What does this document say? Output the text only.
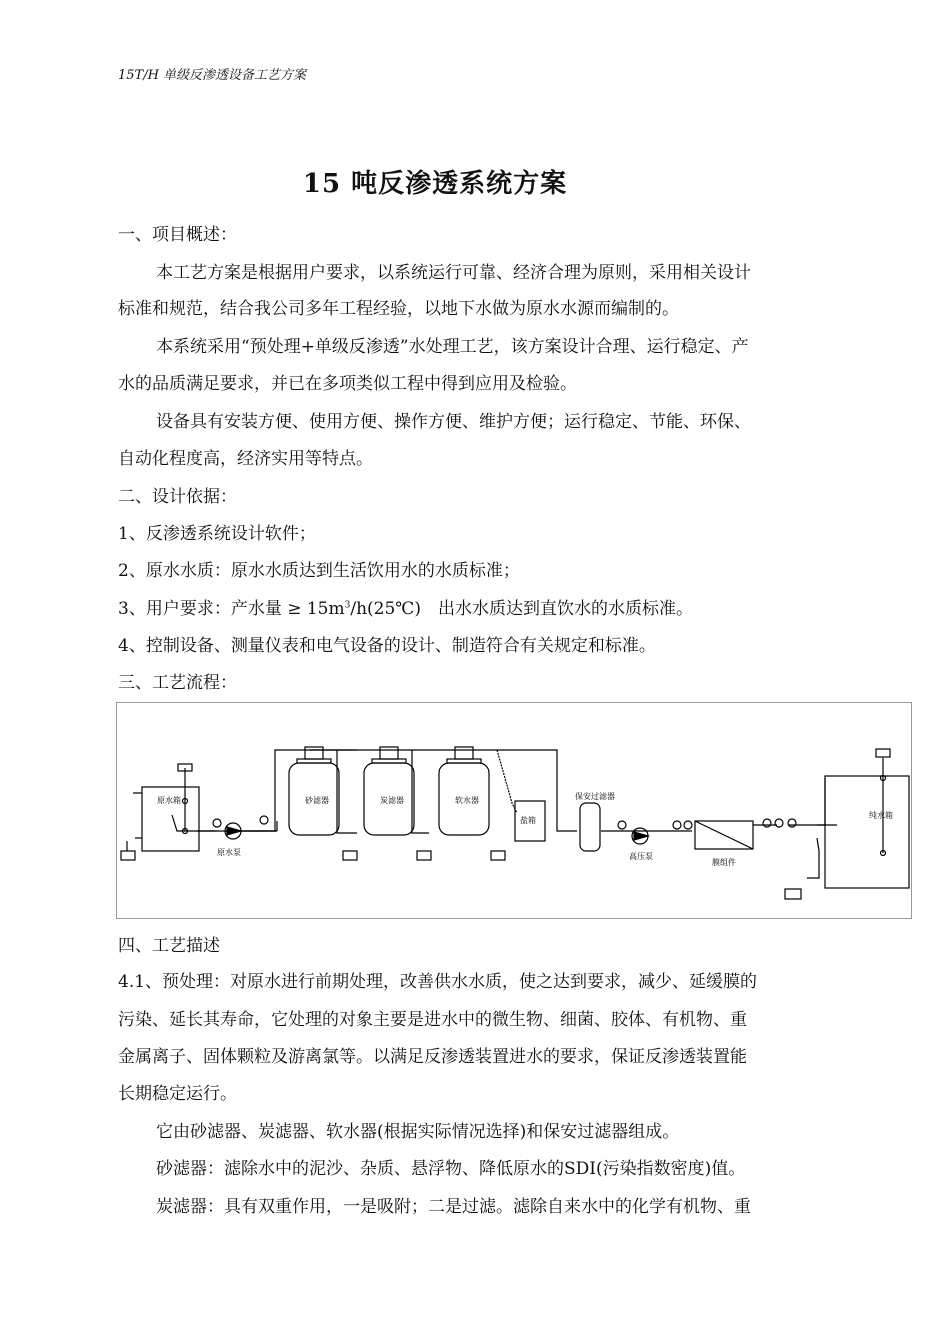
15T/H 单级反渗透设备工艺方案
15 吨反渗透系统方案
一、项目概述：
本工艺方案是根据用户要求，以系统运行可靠、经济合理为原则，采用相关设计
标准和规范，结合我公司多年工程经验，以地下水做为原水水源而编制的。
本系统采用“预处理+单级反渗透”水处理工艺，该方案设计合理、运行稳定、产
水的品质满足要求，并已在多项类似工程中得到应用及检验。
设备具有安装方便、使用方便、操作方便、维护方便；运行稳定、节能、环保、
自动化程度高，经济实用等特点。
二、设计依据：
1、反渗透系统设计软件；
2、原水水质：原水水质达到生活饮用水的水质标准；
3、用户要求：产水量 ≥ $15m^3/h(25℃)$　出水水质达到直饮水的水质标准。
4、控制设备、测量仪表和电气设备的设计、制造符合有关规定和标准。
三、工艺流程：
原水箱
原水泵
砂滤器	炭滤器	软水器
盐箱
保安过滤器
高压泵
膜组件
纯水箱
四、工艺描述
4.1、预处理：对原水进行前期处理，改善供水水质，使之达到要求，减少、延缓膜的
污染、延长其寿命，它处理的对象主要是进水中的微生物、细菌、胶体、有机物、重
金属离子、固体颗粒及游离氯等。以满足反渗透装置进水的要求，保证反渗透装置能
长期稳定运行。
它由砂滤器、炭滤器、软水器(根据实际情况选择)和保安过滤器组成。
砂滤器：滤除水中的泥沙、杂质、悬浮物、降低原水的SDI(污染指数密度)值。
炭滤器：具有双重作用，一是吸附；二是过滤。滤除自来水中的化学有机物、重
